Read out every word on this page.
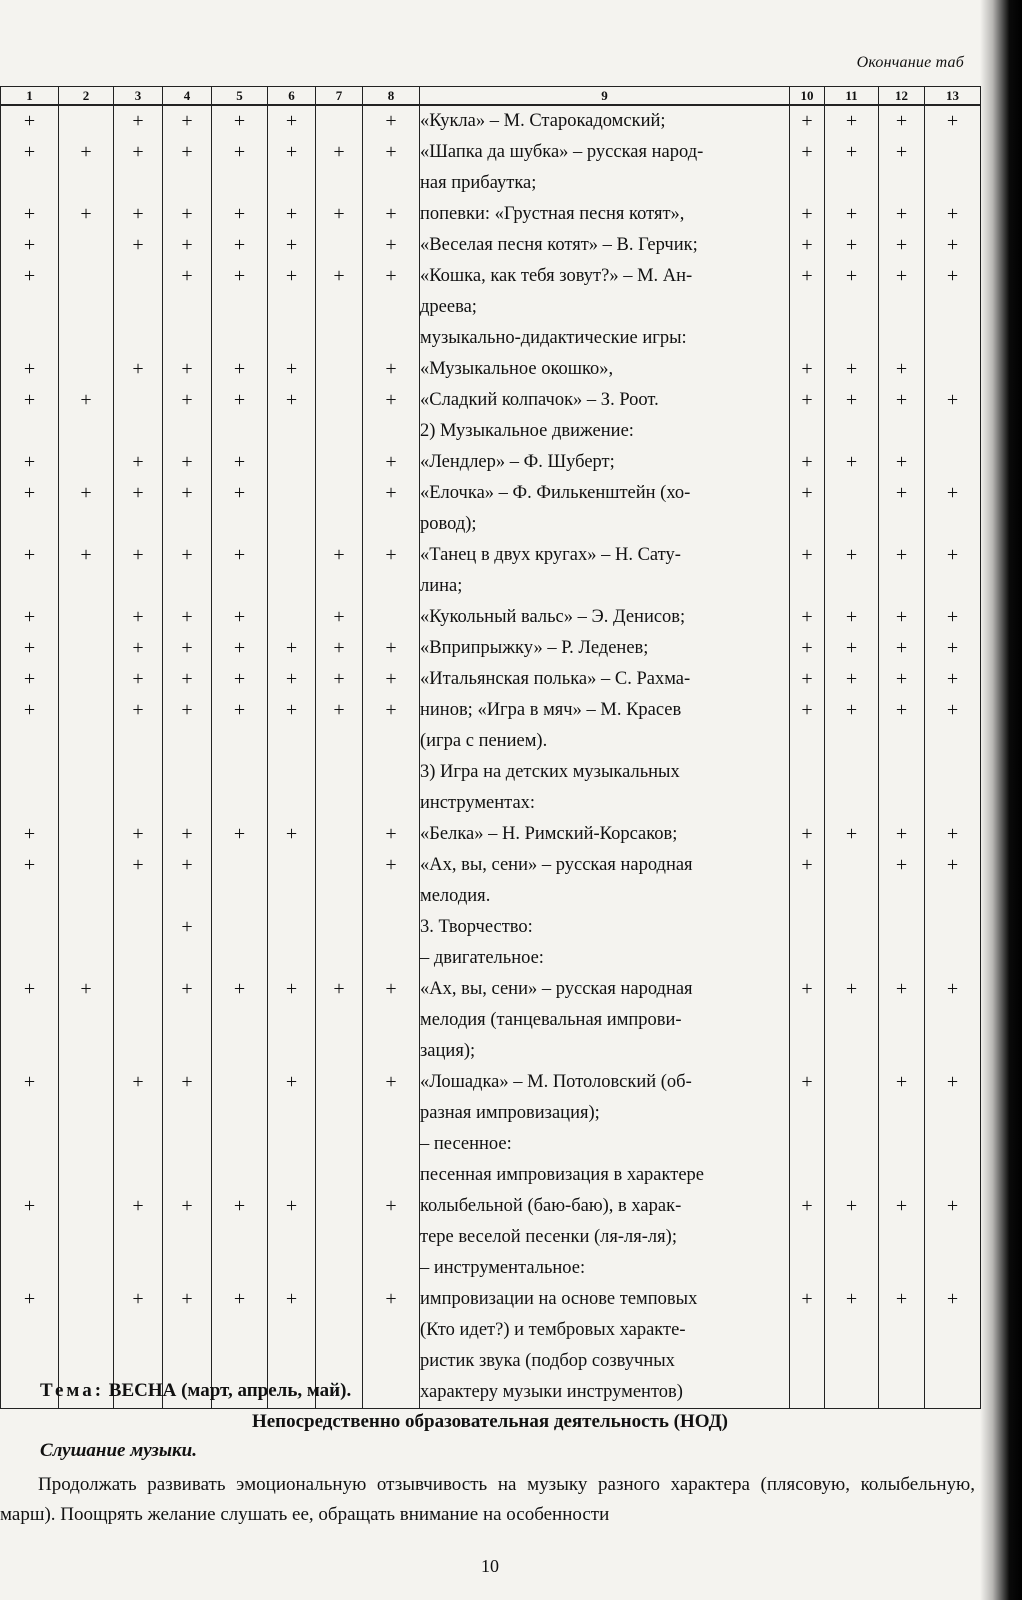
Окончание таб
1	2	3	4	5	6	7	8	9	10	11	12	13
+		+	+	+	+		+	«Кукла» – М. Старокадомский;	+	+	+	+
+	+	+	+	+	+	+	+	«Шапка да шубка» – русская народ-	+	+	+	
								ная прибаутка;				
+	+	+	+	+	+	+	+	попевки: «Грустная песня котят»,	+	+	+	+
+		+	+	+	+		+	«Веселая песня котят» – В. Герчик;	+	+	+	+
+			+	+	+	+	+	«Кошка, как тебя зовут?» – М. Ан-	+	+	+	+
								дреева;				
								музыкально-дидактические игры:				
+		+	+	+	+		+	«Музыкальное окошко»,	+	+	+	
+	+		+	+	+		+	«Сладкий колпачок» – З. Роот.	+	+	+	+
								2) Музыкальное движение:				
+		+	+	+			+	«Лендлер» – Ф. Шуберт;	+	+	+	
+	+	+	+	+			+	«Елочка» – Ф. Филькенштейн (хо-	+		+	+
								ровод);				
+	+	+	+	+		+	+	«Танец в двух кругах» – Н. Сату-	+	+	+	+
								лина;				
+		+	+	+		+		«Кукольный вальс» – Э. Денисов;	+	+	+	+
+		+	+	+	+	+	+	«Вприпрыжку» – Р. Леденев;	+	+	+	+
+		+	+	+	+	+	+	«Итальянская полька» – С. Рахма-	+	+	+	+
+		+	+	+	+	+	+	нинов; «Игра в мяч» – М. Красев	+	+	+	+
								(игра с пением).				
								3) Игра на детских музыкальных				
								инструментах:				
+		+	+	+	+		+	«Белка» – Н. Римский-Корсаков;	+	+	+	+
+		+	+				+	«Ах, вы, сени» – русская народная	+		+	+
								мелодия.				
			+					3. Творчество:				
								– двигательное:				
+	+		+	+	+	+	+	«Ах, вы, сени» – русская народная	+	+	+	+
								мелодия (танцевальная импрови-				
								зация);				
+		+	+		+		+	«Лошадка» – М. Потоловский (об-	+		+	+
								разная импровизация);				
								– песенное:				
								песенная импровизация в характере				
+		+	+	+	+		+	колыбельной (баю-баю), в харак-	+	+	+	+
								тере веселой песенки (ля-ля-ля);				
								– инструментальное:				
+		+	+	+	+		+	импровизации на основе темповых	+	+	+	+
								(Кто идет?) и тембровых характе-				
								ристик звука (подбор созвучных				
								характеру музыки инструментов)				
Тема: ВЕСНА (март, апрель, май).
Непосредственно образовательная деятельность (НОД)
Слушание музыки.
Продолжать развивать эмоциональную отзывчивость на музыку разного характера (плясовую, колыбельную, марш). Поощрять желание слушать ее, обращать внимание на особенности
10
